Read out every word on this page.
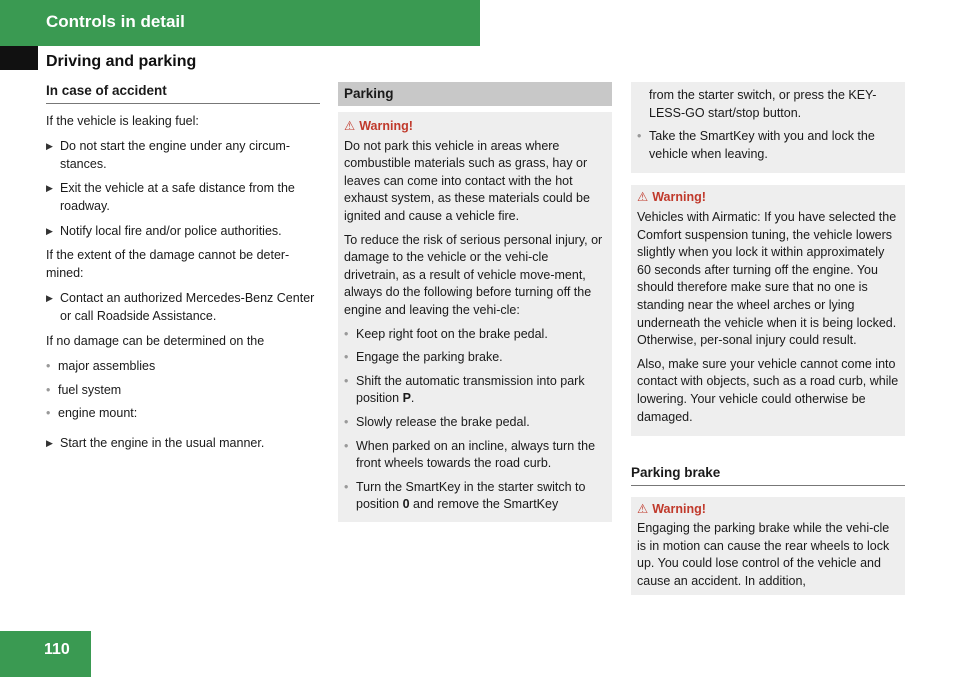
Controls in detail
Driving and parking
In case of accident
If the vehicle is leaking fuel:
▶ Do not start the engine under any circum-stances.
▶ Exit the vehicle at a safe distance from the roadway.
▶ Notify local fire and/or police authorities.
If the extent of the damage cannot be deter-mined:
▶ Contact an authorized Mercedes-Benz Center or call Roadside Assistance.
If no damage can be determined on the
• major assemblies
• fuel system
• engine mount:
▶ Start the engine in the usual manner.
Parking
⚠ Warning!
Do not park this vehicle in areas where combustible materials such as grass, hay or leaves can come into contact with the hot exhaust system, as these materials could be ignited and cause a vehicle fire.
To reduce the risk of serious personal injury, or damage to the vehicle or the vehi-cle drivetrain, as a result of vehicle move-ment, always do the following before turning off the engine and leaving the vehi-cle:
• Keep right foot on the brake pedal.
• Engage the parking brake.
• Shift the automatic transmission into park position P.
• Slowly release the brake pedal.
• When parked on an incline, always turn the front wheels towards the road curb.
• Turn the SmartKey in the starter switch to position 0 and remove the SmartKey
from the starter switch, or press the KEY-LESS-GO start/stop button.
• Take the SmartKey with you and lock the vehicle when leaving.
⚠ Warning!
Vehicles with Airmatic: If you have selected the Comfort suspension tuning, the vehicle lowers slightly when you lock it within approximately 60 seconds after turning off the engine. You should therefore make sure that no one is standing near the wheel arches or lying underneath the vehicle when it is being locked. Otherwise, per-sonal injury could result.
Also, make sure your vehicle cannot come into contact with objects, such as a road curb, while lowering. Your vehicle could otherwise be damaged.
Parking brake
⚠ Warning!
Engaging the parking brake while the vehi-cle is in motion can cause the rear wheels to lock up. You could lose control of the vehicle and cause an accident. In addition,
110
